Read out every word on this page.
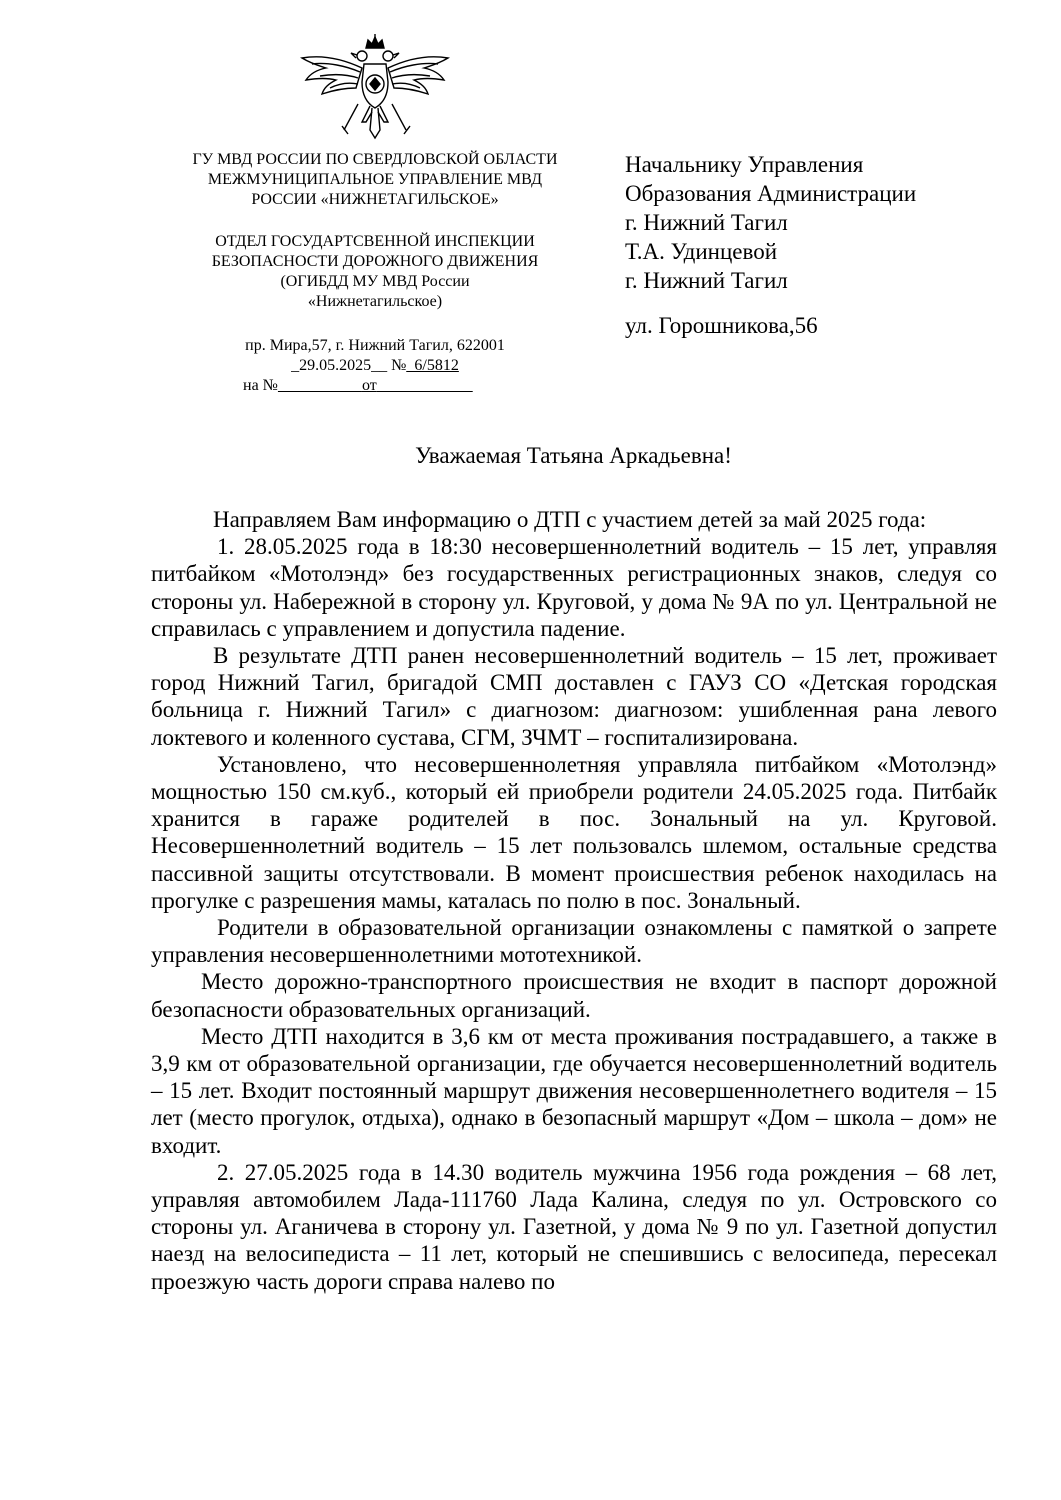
ГУ МВД РОССИИ ПО СВЕРДЛОВСКОЙ ОБЛАСТИ
МЕЖМУНИЦИПАЛЬНОЕ УПРАВЛЕНИЕ МВД
РОССИИ «НИЖНЕТАГИЛЬСКОЕ»
ОТДЕЛ ГОСУДАРТСВЕННОЙ ИНСПЕКЦИИ
БЕЗОПАСНОСТИ ДОРОЖНОГО ДВИЖЕНИЯ
(ОГИБДД МУ МВД России
«Нижнетагильское)
пр. Мира,57, г. Нижний Тагил, 622001
_29.05.2025__ №_6/5812
на №	от
Начальнику Управления
Образования Администрации
г. Нижний Тагил
Т.А. Удинцевой
г. Нижний Тагил
ул. Горошникова,56
Уважаемая Татьяна Аркадьевна!

Направляем Вам информацию о ДТП с участием детей за май 2025 года:

1. 28.05.2025 года в 18:30 несовершеннолетний водитель – 15 лет, управляя питбайком «Мотолэнд» без государственных регистрационных знаков, следуя со стороны ул. Набережной в сторону ул. Круговой, у дома № 9А по ул. Центральной не справилась с управлением и допустила падение.

В результате ДТП ранен несовершеннолетний водитель – 15 лет, проживает город Нижний Тагил, бригадой СМП доставлен с ГАУЗ СО «Детская городская больница г. Нижний Тагил» с диагнозом: диагнозом: ушибленная рана левого локтевого и коленного сустава, СГМ, ЗЧМТ – госпитализирована.

Установлено, что несовершеннолетняя управляла питбайком «Мотолэнд» мощностью 150 см.куб., который ей приобрели родители 24.05.2025 года. Питбайк хранится в гараже родителей в пос. Зональный на ул. Круговой. Несовершеннолетний водитель – 15 лет пользовалсь шлемом, остальные средства пассивной защиты отсутствовали. В момент происшествия ребенок находилась на прогулке с разрешения мамы, каталась по полю в пос. Зональный.

Родители в образовательной организации ознакомлены с памяткой о запрете управления несовершеннолетними мототехникой.

Место дорожно-транспортного происшествия не входит в паспорт дорожной безопасности образовательных организаций.

Место ДТП находится в 3,6 км от места проживания пострадавшего, а также в 3,9 км от образовательной организации, где обучается несовершеннолетний водитель – 15 лет. Входит постоянный маршрут движения несовершеннолетнего водителя – 15 лет (место прогулок, отдыха), однако в безопасный маршрут «Дом – школа – дом» не входит.

2. 27.05.2025 года в 14.30 водитель мужчина 1956 года рождения – 68 лет, управляя автомобилем Лада-111760 Лада Калина, следуя по ул. Островского со стороны ул. Аганичева в сторону ул. Газетной, у дома № 9 по ул. Газетной допустил наезд на велосипедиста – 11 лет, который не спешившись с велосипеда, пересекал проезжую часть дороги справа налево по
